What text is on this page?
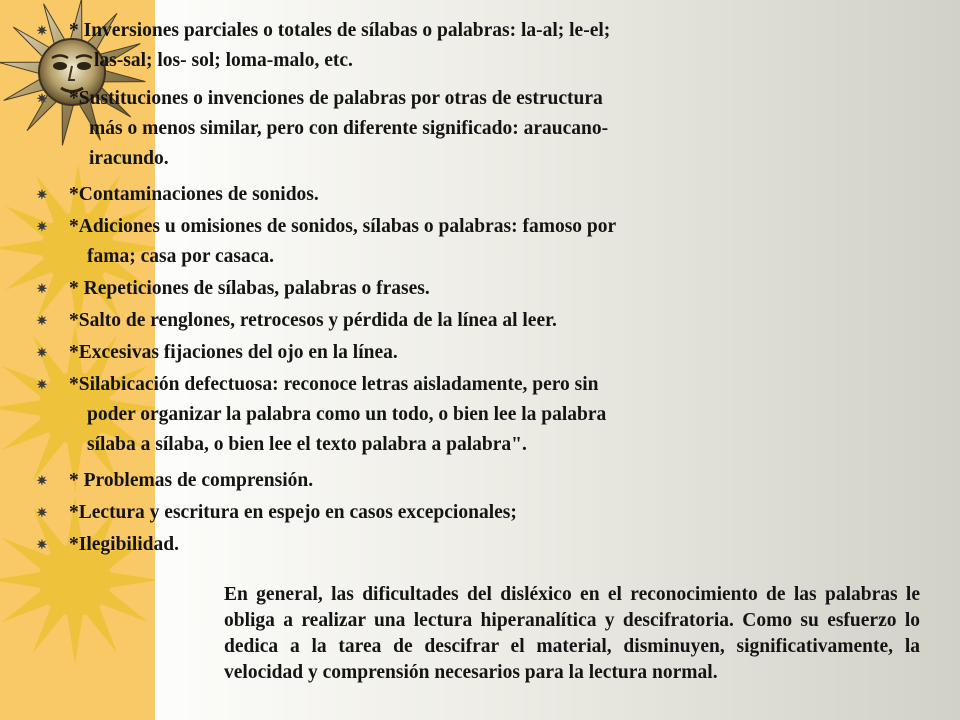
✷ * Inversiones parciales o totales de sílabas o palabras: la-al; le-el;
las-sal; los- sol; loma-malo, etc.
✷ *Sustituciones o invenciones de palabras por otras de estructura
más o menos similar, pero con diferente significado: araucano-
iracundo.
✷ *Contaminaciones de sonidos.
✷ *Adiciones u omisiones de sonidos, sílabas o palabras: famoso por
fama; casa por casaca.
✷ * Repeticiones de sílabas, palabras o frases.
✷ *Salto de renglones, retrocesos y pérdida de la línea al leer.
✷ *Excesivas fijaciones del ojo en la línea.
✷ *Silabicación defectuosa: reconoce letras aisladamente, pero sin
poder organizar la palabra como un todo, o bien lee la palabra
sílaba a sílaba, o bien lee el texto palabra a palabra".
✷ * Problemas de comprensión.
✷ *Lectura y escritura en espejo en casos excepcionales;
✷ *Ilegibilidad.

En general, las dificultades del disléxico en el reconocimiento de las palabras le obliga a realizar una lectura hiperanalítica y descifratoria. Como su esfuerzo lo dedica a la tarea de descifrar el material, disminuyen, significativamente, la velocidad y comprensión necesarios para la lectura normal.
